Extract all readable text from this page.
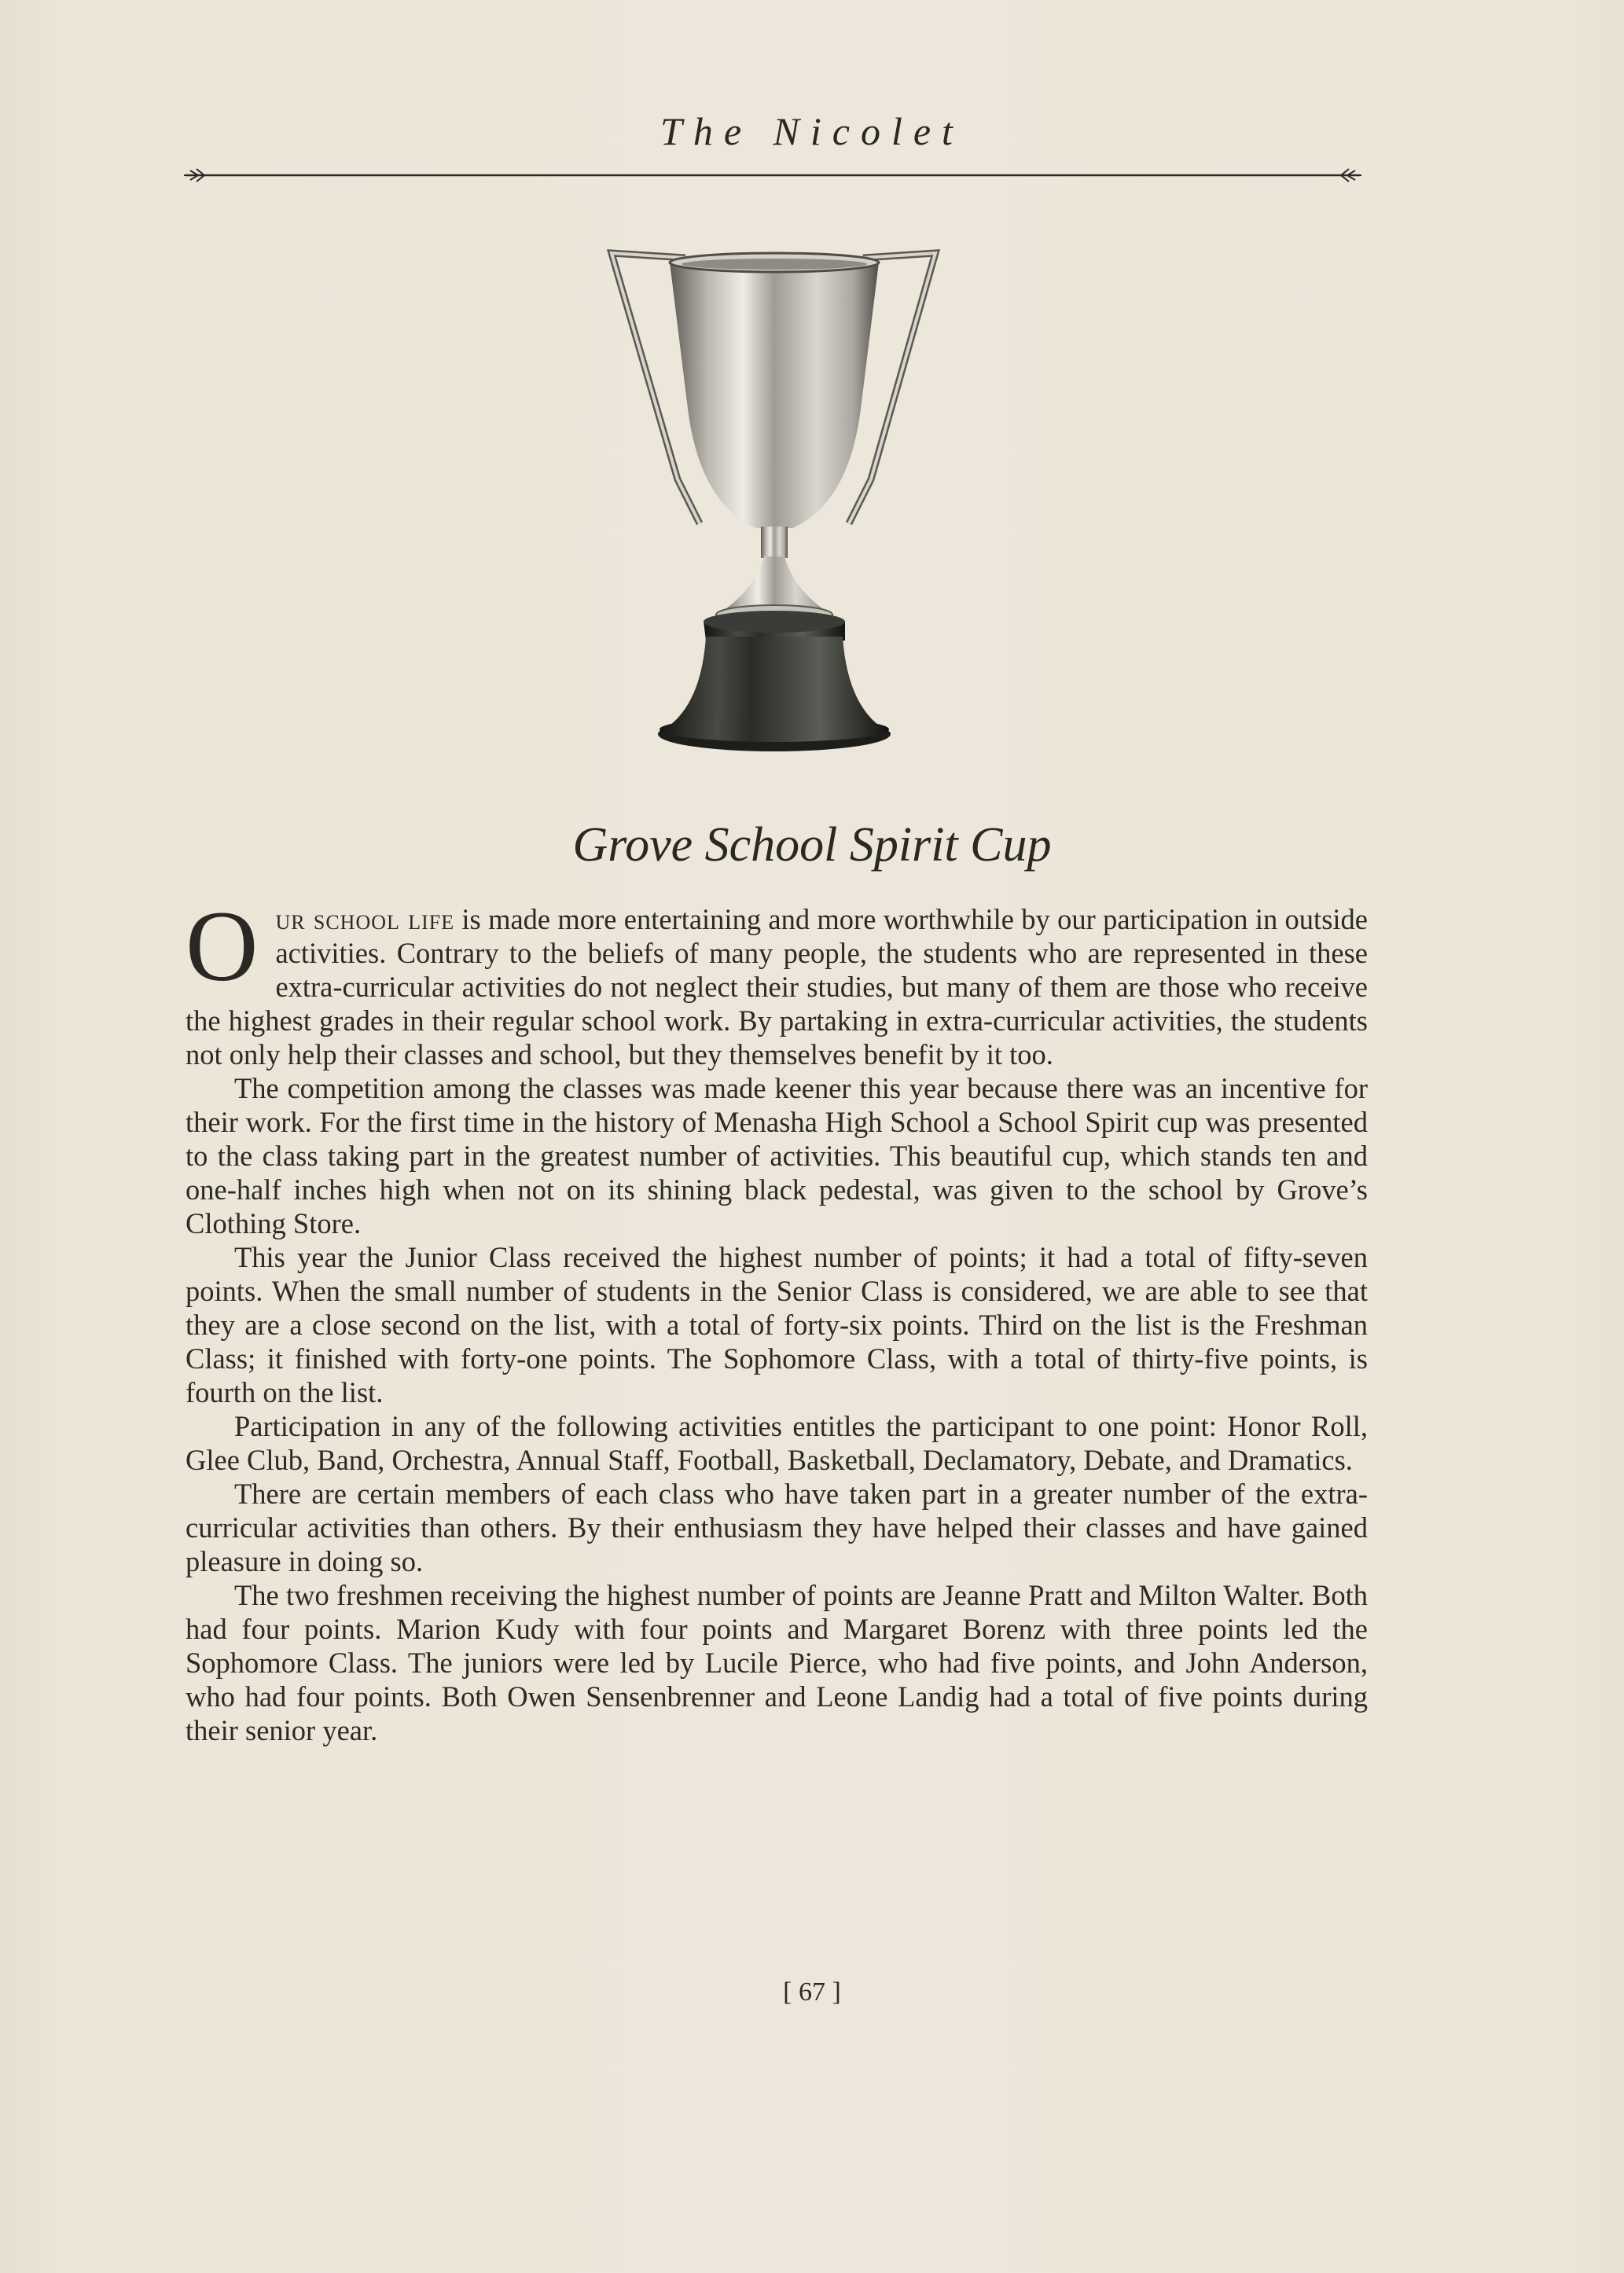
The Nicolet
Grove School Spirit Cup

Our school life is made more entertaining and more worthwhile by our participation in outside activities. Contrary to the beliefs of many people, the students who are represented in these extra-curricular activities do not neglect their studies, but many of them are those who receive the highest grades in their regular school work. By partaking in extra-curricular activities, the students not only help their classes and school, but they themselves benefit by it too.

The competition among the classes was made keener this year because there was an incentive for their work. For the first time in the history of Menasha High School a School Spirit cup was presented to the class taking part in the greatest number of activities. This beautiful cup, which stands ten and one-half inches high when not on its shining black pedestal, was given to the school by Grove’s Clothing Store.

This year the Junior Class received the highest number of points; it had a total of fifty-seven points. When the small number of students in the Senior Class is considered, we are able to see that they are a close second on the list, with a total of forty-six points. Third on the list is the Freshman Class; it finished with forty-one points. The Sophomore Class, with a total of thirty-five points, is fourth on the list.

Participation in any of the following activities entitles the participant to one point: Honor Roll, Glee Club, Band, Orchestra, Annual Staff, Football, Basketball, Declamatory, Debate, and Dramatics.

There are certain members of each class who have taken part in a greater number of the extra-curricular activities than others. By their enthusiasm they have helped their classes and have gained pleasure in doing so.

The two freshmen receiving the highest number of points are Jeanne Pratt and Milton Walter. Both had four points. Marion Kudy with four points and Margaret Borenz with three points led the Sophomore Class. The juniors were led by Lucile Pierce, who had five points, and John Anderson, who had four points. Both Owen Sensenbrenner and Leone Landig had a total of five points during their senior year.

[ 67 ]
